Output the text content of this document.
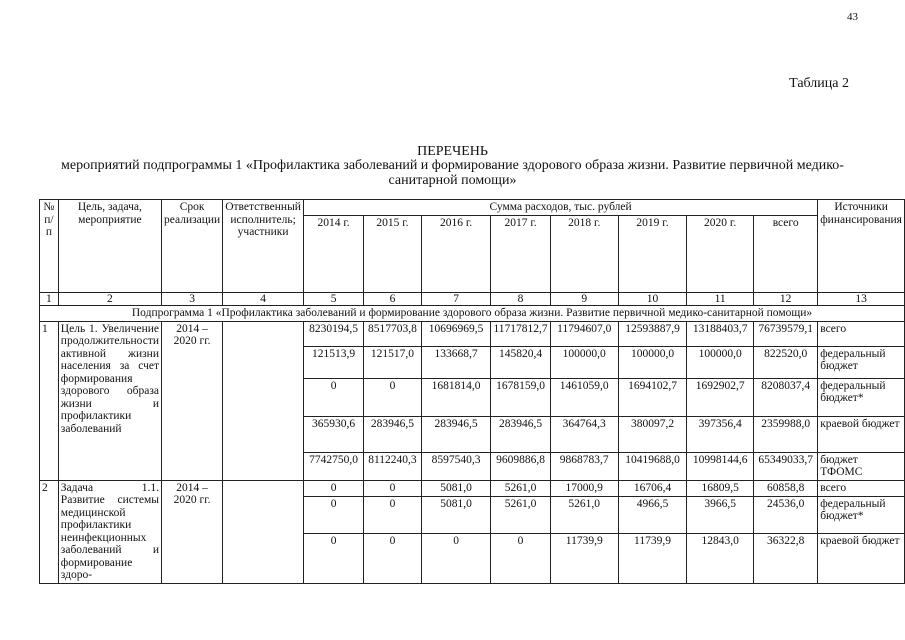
43
Таблица 2
ПЕРЕЧЕНЬ
мероприятий подпрограммы 1 «Профилактика заболеваний и формирование здорового образа жизни. Развитие первичной медико-санитарной помощи»
№ п/п	Цель, задача, мероприятие	Срок реализации	Ответственный исполнитель; участники	Сумма расходов, тыс. рублей								Источники финансирования
				2014 г.	2015 г.	2016 г.	2017 г.	2018 г.	2019 г.	2020 г.	всего	
1	2	3	4	5	6	7	8	9	10	11	12	13
Подпрограмма 1 «Профилактика заболеваний и формирование здорового образа жизни. Развитие первичной медико-санитарной помощи»												
1	Цель 1. Увеличение продолжительности активной жизни населения за счет формирования здорового образа жизни и профилактики заболеваний	2014 – 2020 гг.		8230194,5	8517703,8	10696969,5	11717812,7	11794607,0	12593887,9	13188403,7	76739579,1	всего
				121513,9	121517,0	133668,7	145820,4	100000,0	100000,0	100000,0	822520,0	федеральный бюджет
				0	0	1681814,0	1678159,0	1461059,0	1694102,7	1692902,7	8208037,4	федеральный бюджет*
				365930,6	283946,5	283946,5	283946,5	364764,3	380097,2	397356,4	2359988,0	краевой бюджет
				7742750,0	8112240,3	8597540,3	9609886,8	9868783,7	10419688,0	10998144,6	65349033,7	бюджет ТФОМС
2	Задача 1.1. Развитие системы медицинской профилактики неинфекционных заболеваний и формирование здоро-	2014 – 2020 гг.		0	0	5081,0	5261,0	17000,9	16706,4	16809,5	60858,8	всего
				0	0	5081,0	5261,0	5261,0	4966,5	3966,5	24536,0	федеральный бюджет*
				0	0	0	0	11739,9	11739,9	12843,0	36322,8	краевой бюджет
